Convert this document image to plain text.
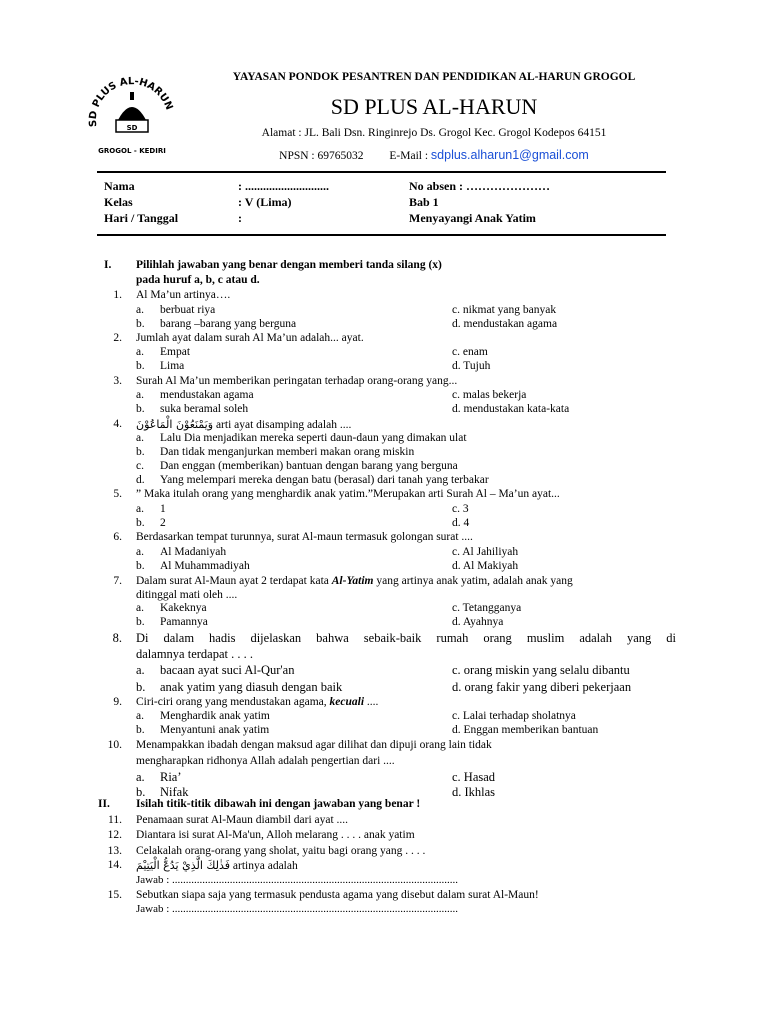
SD PLUS AL-HARUN
SD
GROGOL - KEDIRI
YAYASAN PONDOK PESANTREN DAN PENDIDIKAN AL-HARUN GROGOL
SD PLUS AL-HARUN
Alamat : JL. Bali Dsn. Ringinrejo Ds. Grogol Kec. Grogol Kodepos 64151
NPSN : 69765032 E-Mail : sdplus.alharun1@gmail.com
Nama	: ............................	No absen : …………………
Kelas	: V (Lima)	Bab 1
Hari / Tanggal	:	Menyayangi Anak Yatim
I. Pilihlah jawaban yang benar dengan memberi tanda silang (x)
pada huruf a, b, c atau d.
1. Al Ma’un artinya….
a. berbuat riya
b. barang –barang yang berguna
c. nikmat yang banyak
d. mendustakan agama
2. Jumlah ayat dalam surah Al Ma’un adalah... ayat.
a. Empat
b. Lima
c. enam
d. Tujuh
3. Surah Al Ma’un memberikan peringatan terhadap orang-orang yang...
a. mendustakan agama
b. suka beramal soleh
c. malas bekerja
d. mendustakan kata-kata
4. وَيَمْنَعُوْنَ الْمَاعُوْنَ arti ayat disamping adalah ....
a. Lalu Dia menjadikan mereka seperti daun-daun yang dimakan ulat
b. Dan tidak menganjurkan memberi makan orang miskin
c. Dan enggan (memberikan) bantuan dengan barang yang berguna
d. Yang melempari mereka dengan batu (berasal) dari tanah yang terbakar
5. ” Maka itulah orang yang menghardik anak yatim.”Merupakan arti Surah Al – Ma’un ayat...
a. 1
b. 2
c. 3
d. 4
6. Berdasarkan tempat turunnya, surat Al-maun termasuk golongan surat ....
a. Al Madaniyah
b. Al Muhammadiyah
c. Al Jahiliyah
d. Al Makiyah
7. Dalam surat Al-Maun ayat 2 terdapat kata Al-Yatim yang artinya anak yatim, adalah anak yang
ditinggal mati oleh ....
a. Kakeknya
b. Pamannya
c. Tetangganya
d. Ayahnya
8. Di dalam hadis dijelaskan bahwa sebaik-baik rumah orang muslim adalah yang di
dalamnya terdapat . . . .
a. bacaan ayat suci Al-Qur'an
b. anak yatim yang diasuh dengan baik
c. orang miskin yang selalu dibantu
d. orang fakir yang diberi pekerjaan
9. Ciri-ciri orang yang mendustakan agama, kecuali ....
a. Menghardik anak yatim
b. Menyantuni anak yatim
c. Lalai terhadap sholatnya
d. Enggan memberikan bantuan
10. Menampakkan ibadah dengan maksud agar dilihat dan dipuji orang lain tidak
mengharapkan ridhonya Allah adalah pengertian dari ....
a. Ria’
b. Nifak
c. Hasad
d. Ikhlas
II. Isilah titik-titik dibawah ini dengan jawaban yang benar !
11. Penamaan surat Al-Maun diambil dari ayat ....
12. Diantara isi surat Al-Ma'un, Alloh melarang . . . . anak yatim
13. Celakalah orang-orang yang sholat, yaitu bagi orang yang . . . .
14. فَذٰلِكَ الَّذِيْ يَدُعُّ الْيَتِيْمَ artinya adalah
Jawab : ........................................................................................................
15. Sebutkan siapa saja yang termasuk pendusta agama yang disebut dalam surat Al-Maun!
Jawab : ........................................................................................................
